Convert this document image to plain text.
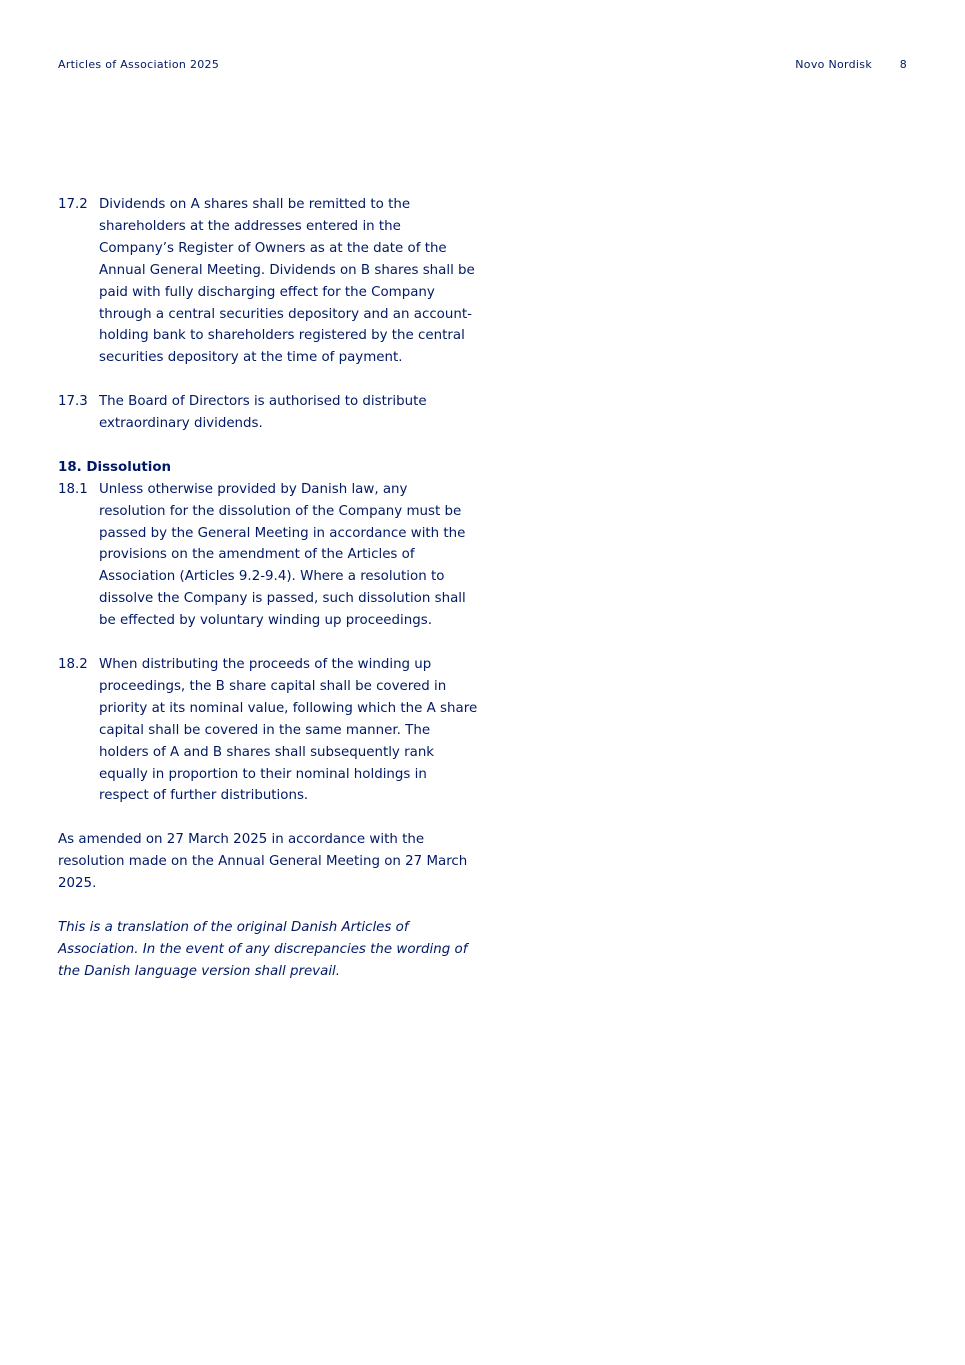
Articles of Association 2025	Novo Nordisk	8
17.2 Dividends on A shares shall be remitted to the shareholders at the addresses entered in the Company’s Register of Owners as at the date of the Annual General Meeting. Dividends on B shares shall be paid with fully discharging effect for the Company through a central securities depository and an account-holding bank to shareholders registered by the central securities depository at the time of payment.

17.3 The Board of Directors is authorised to distribute extraordinary dividends.

18. Dissolution
18.1 Unless otherwise provided by Danish law, any resolution for the dissolution of the Company must be passed by the General Meeting in accordance with the provisions on the amendment of the Articles of Association (Articles 9.2-9.4). Where a resolution to dissolve the Company is passed, such dissolution shall be effected by voluntary winding up proceedings.

18.2 When distributing the proceeds of the winding up proceedings, the B share capital shall be covered in priority at its nominal value, following which the A share capital shall be covered in the same manner. The holders of A and B shares shall subsequently rank equally in proportion to their nominal holdings in respect of further distributions.

As amended on 27 March 2025 in accordance with the resolution made on the Annual General Meeting on 27 March 2025.

This is a translation of the original Danish Articles of Association. In the event of any discrepancies the wording of the Danish language version shall prevail.
